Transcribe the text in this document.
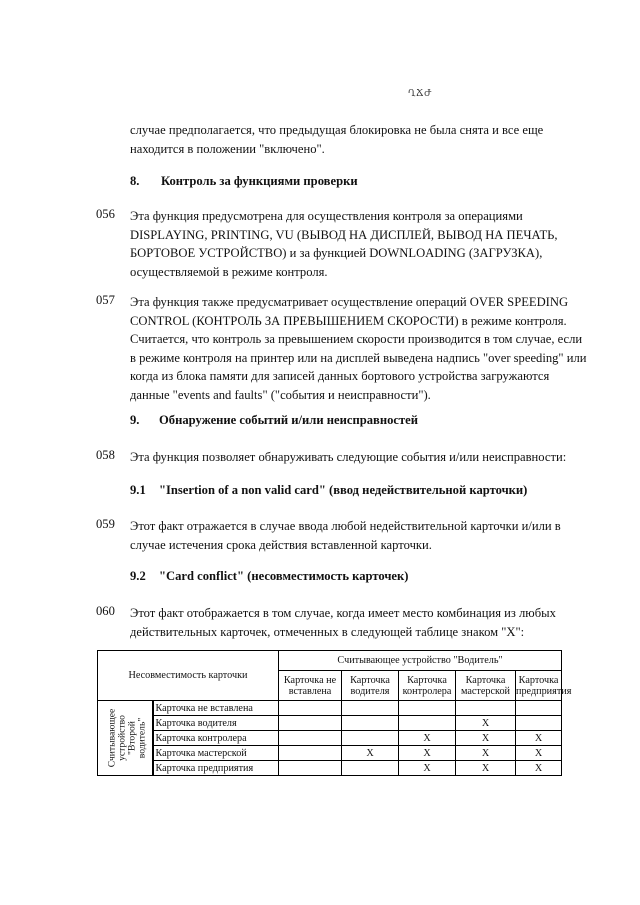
ՂՃԺ
случае предполагается, что предыдущая блокировка не была снята и все еще
находится в положении "включено".
8. Контроль за функциями проверки
056 Эта функция предусмотрена для осуществления контроля за операциями
DISPLAYING, PRINTING, VU (ВЫВОД НА ДИСПЛЕЙ, ВЫВОД НА ПЕЧАТЬ,
БОРТОВОЕ УСТРОЙСТВО) и за функцией DOWNLOADING (ЗАГРУЗКА),
осуществляемой в режиме контроля.
057 Эта функция также предусматривает осуществление операций OVER SPEEDING
CONTROL (КОНТРОЛЬ ЗА ПРЕВЫШЕНИЕМ СКОРОСТИ) в режиме контроля.
Считается, что контроль за превышением скорости производится в том случае, если
в режиме контроля на принтер или на дисплей выведена надпись "over speeding" или
когда из блока памяти для записей данных бортового устройства загружаются
данные "events and faults" ("события и неисправности").
9. Обнаружение событий и/или неисправностей
058 Эта функция позволяет обнаруживать следующие события и/или неисправности:
9.1 "Insertion of a non valid card" (ввод недействительной карточки)
059 Этот факт отражается в случае ввода любой недействительной карточки и/или в
случае истечения срока действия вставленной карточки.
9.2 "Card conflict" (несовместимость карточек)
060 Этот факт отображается в том случае, когда имеет место комбинация из любых
действительных карточек, отмеченных в следующей таблице знаком "X":
Несовместимость карточки		Считывающее устройство "Водитель"				
		Карточка не
вставлена	Карточка
водителя	Карточка
контролера	Карточка
мастерской	Карточка
предприятия
Считывающее
устройство
"Второй
водитель"	Карточка не вставлена					
	Карточка водителя				X	
	Карточка контролера			X	X	X
	Карточка мастерской		X	X	X	X
	Карточка предприятия			X	X	X
